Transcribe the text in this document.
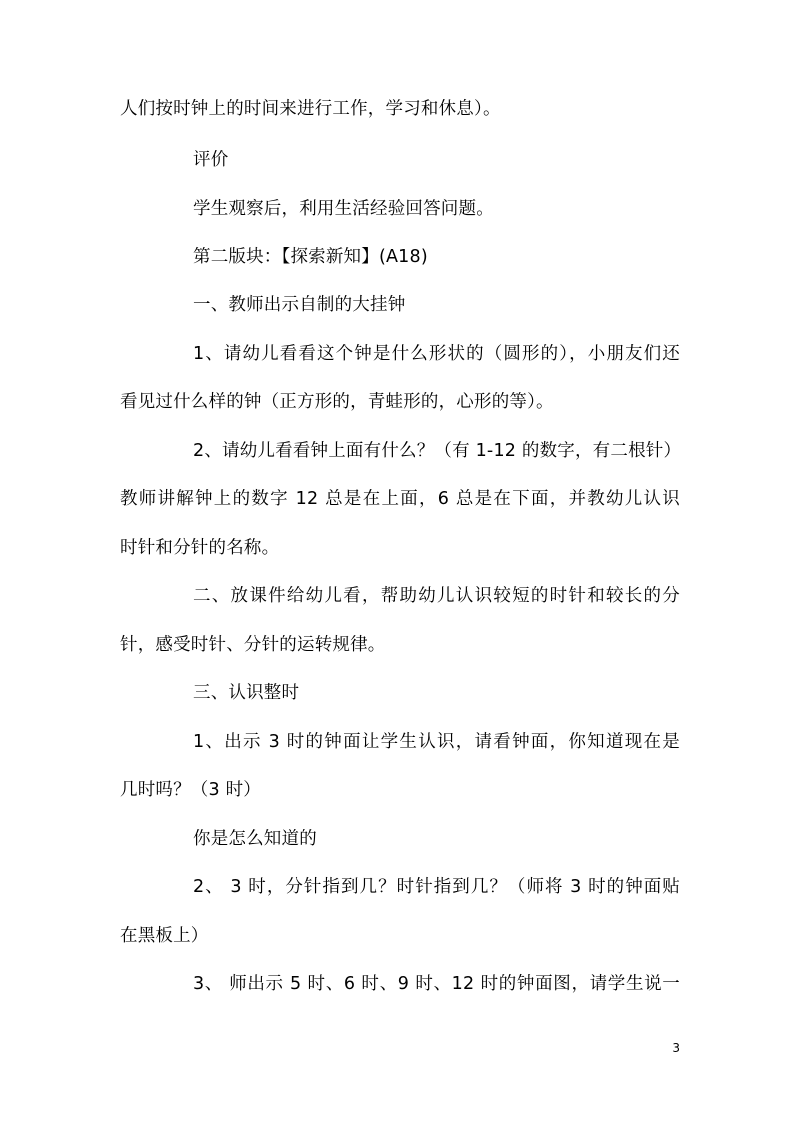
人们按时钟上的时间来进行工作，学习和休息）。
评价
学生观察后，利用生活经验回答问题。
第二版块：【探索新知】(A18)
一、教师出示自制的大挂钟
1、请幼儿看看这个钟是什么形状的（圆形的），小朋友们还
看见过什么样的钟（正方形的，青蛙形的，心形的等）。
2、请幼儿看看钟上面有什么？（有 1-12 的数字，有二根针）
教师讲解钟上的数字 12 总是在上面，6 总是在下面，并教幼儿认识
时针和分针的名称。
二、放课件给幼儿看，帮助幼儿认识较短的时针和较长的分
针，感受时针、分针的运转规律。
三、认识整时
1、出示 3 时的钟面让学生认识，请看钟面，你知道现在是
几时吗？（3 时）
你是怎么知道的
2、 3 时，分针指到几？时针指到几？（师将 3 时的钟面贴
在黑板上）
3、 师出示 5 时、6 时、9 时、12 时的钟面图，请学生说一
3
